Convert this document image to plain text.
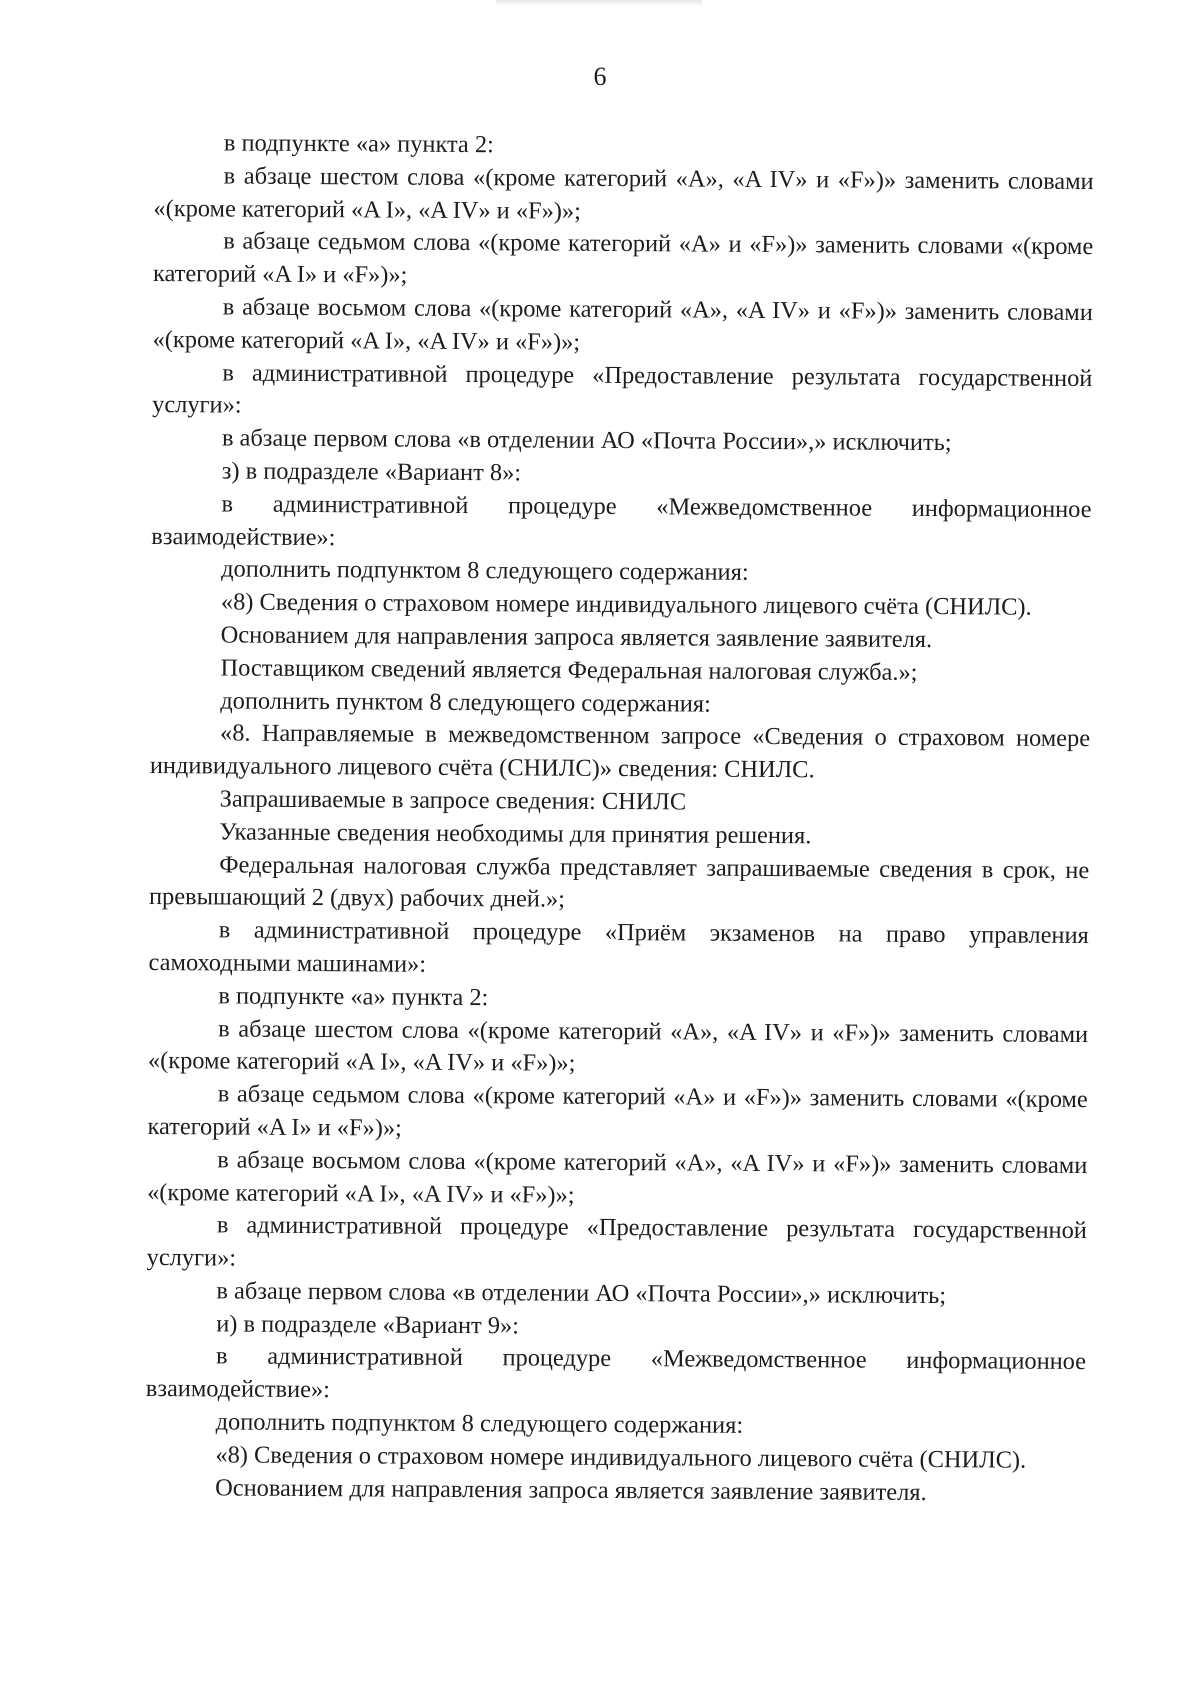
6

в подпункте «а» пункта 2:

в абзаце шестом слова «(кроме категорий «A», «A IV» и «F»)» заменить словами «(кроме категорий «A I», «A IV» и «F»)»;

в абзаце седьмом слова «(кроме категорий «A» и «F»)» заменить словами «(кроме категорий «A I» и «F»)»;

в абзаце восьмом слова «(кроме категорий «A», «A IV» и «F»)» заменить словами «(кроме категорий «A I», «A IV» и «F»)»;

в административной процедуре «Предоставление результата государственной услуги»:

в абзаце первом слова «в отделении АО «Почта России»,» исключить;

з) в подразделе «Вариант 8»:

в административной процедуре «Межведомственное информационное взаимодействие»:

дополнить подпунктом 8 следующего содержания:

«8) Сведения о страховом номере индивидуального лицевого счёта (СНИЛС).

Основанием для направления запроса является заявление заявителя.

Поставщиком сведений является Федеральная налоговая служба.»;

дополнить пунктом 8 следующего содержания:

«8. Направляемые в межведомственном запросе «Сведения о страховом номере индивидуального лицевого счёта (СНИЛС)» сведения: СНИЛС.

Запрашиваемые в запросе сведения: СНИЛС

Указанные сведения необходимы для принятия решения.

Федеральная налоговая служба представляет запрашиваемые сведения в срок, не превышающий 2 (двух) рабочих дней.»;

в административной процедуре «Приём экзаменов на право управления самоходными машинами»:

в подпункте «а» пункта 2:

в абзаце шестом слова «(кроме категорий «A», «A IV» и «F»)» заменить словами «(кроме категорий «A I», «A IV» и «F»)»;

в абзаце седьмом слова «(кроме категорий «A» и «F»)» заменить словами «(кроме категорий «A I» и «F»)»;

в абзаце восьмом слова «(кроме категорий «A», «A IV» и «F»)» заменить словами «(кроме категорий «A I», «A IV» и «F»)»;

в административной процедуре «Предоставление результата государственной услуги»:

в абзаце первом слова «в отделении АО «Почта России»,» исключить;

и) в подразделе «Вариант 9»:

в административной процедуре «Межведомственное информационное взаимодействие»:

дополнить подпунктом 8 следующего содержания:

«8) Сведения о страховом номере индивидуального лицевого счёта (СНИЛС).

Основанием для направления запроса является заявление заявителя.
